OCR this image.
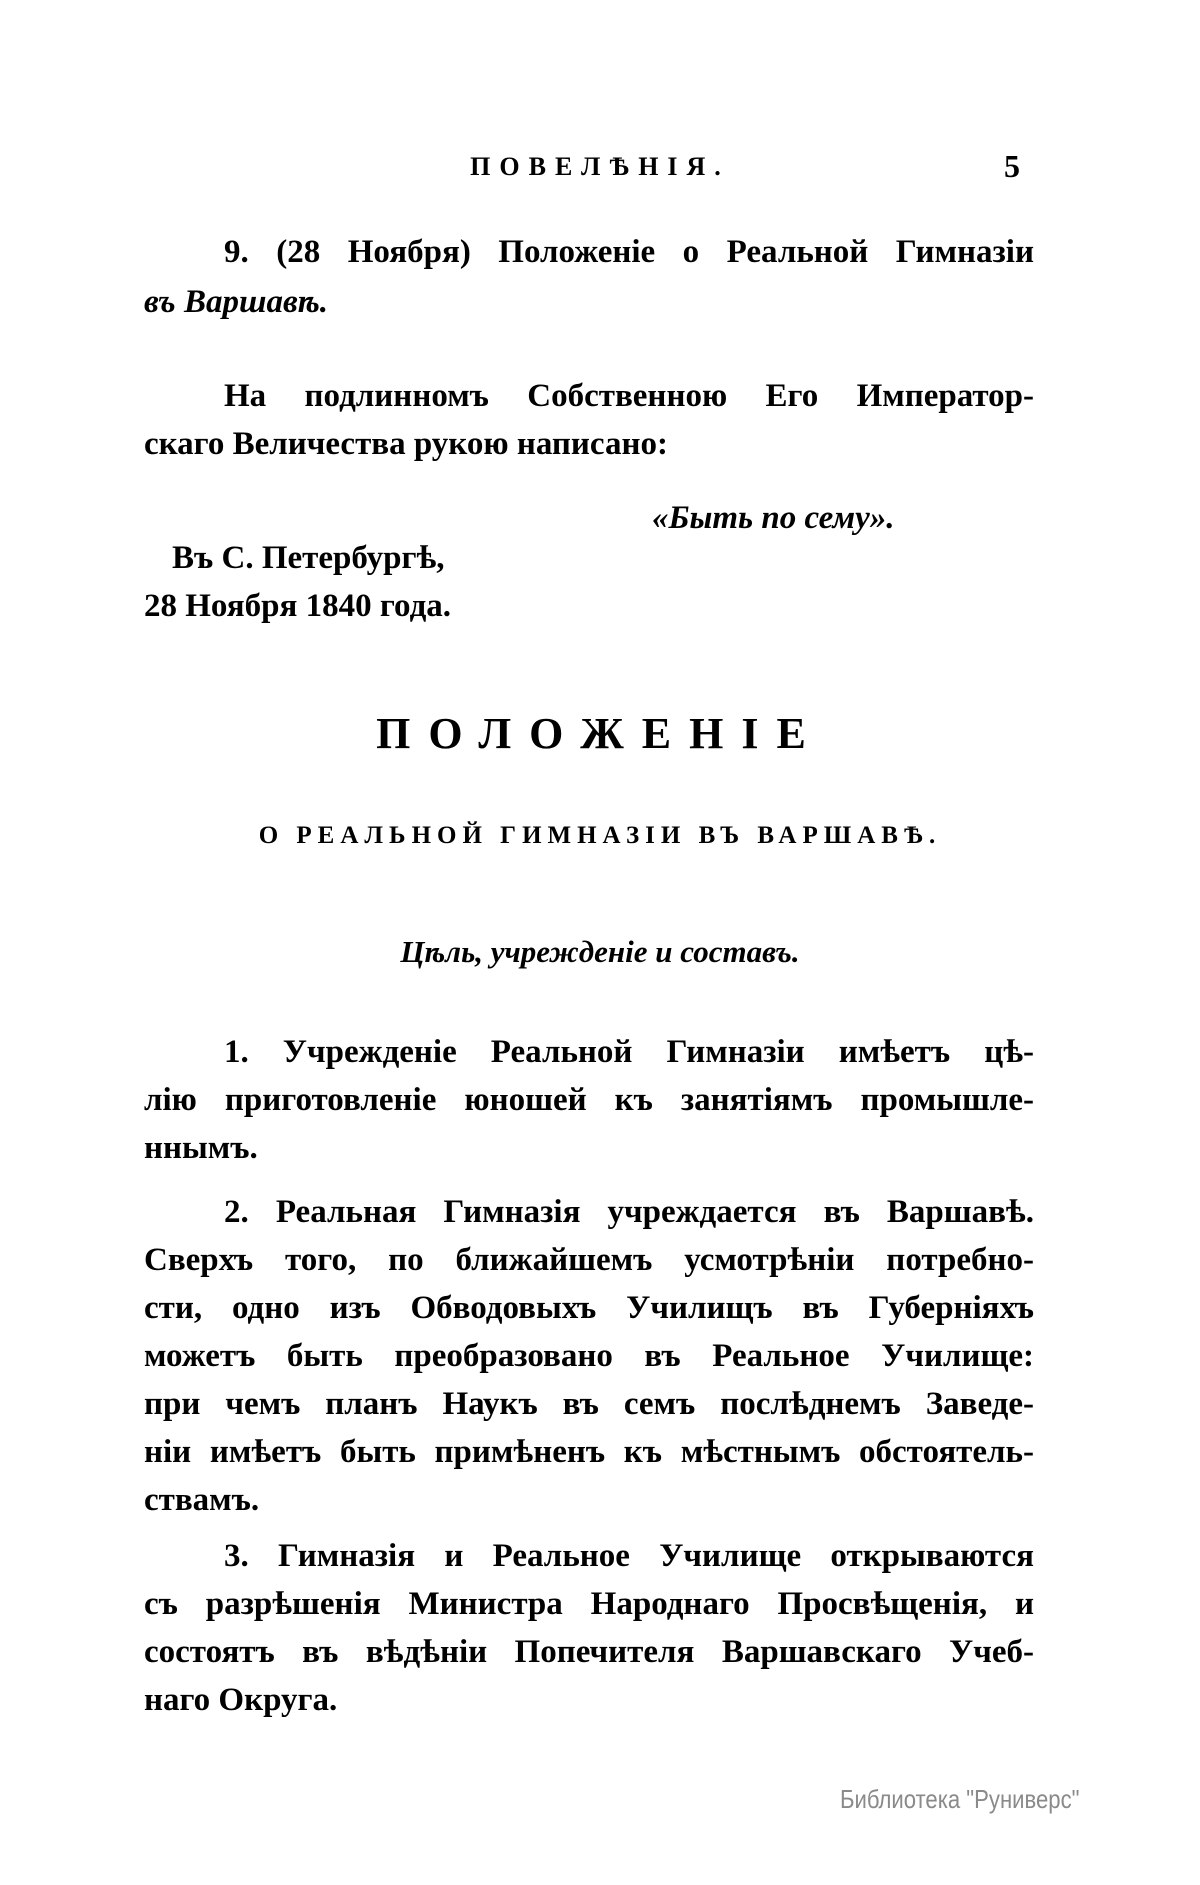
ПОВЕЛѢНІЯ.	5
9. (28 Ноября) Положеніе о Реальной Гимназіи
въ Варшавѣ.
На подлинномъ Собственною Его Император-
скаго Величества рукою написано:
«Быть по сему».
Въ С. Петербургѣ,
28 Ноября 1840 года.
ПОЛОЖЕНІЕ
О РЕАЛЬНОЙ ГИМНАЗІИ ВЪ ВАРШАВѢ.
Цѣль, учрежденіе и составъ.
1. Учрежденіе Реальной Гимназіи имѣетъ цѣ-
лію приготовленіе юношей къ занятіямъ промышле-
ннымъ.
2. Реальная Гимназія учреждается въ Варшавѣ.
Сверхъ того, по ближайшемъ усмотрѣніи потребно-
сти, одно изъ Обводовыхъ Училищъ въ Губерніяхъ
можетъ быть преобразовано въ Реальное Училище:
при чемъ планъ Наукъ въ семъ послѣднемъ Заведе-
ніи имѣетъ быть примѣненъ къ мѣстнымъ обстоятель-
ствамъ.
3. Гимназія и Реальное Училище открываются
съ разрѣшенія Министра Народнаго Просвѣщенія, и
состоятъ въ вѣдѣніи Попечителя Варшавскаго Учеб-
наго Округа.
Библиотека "Руниверс"
